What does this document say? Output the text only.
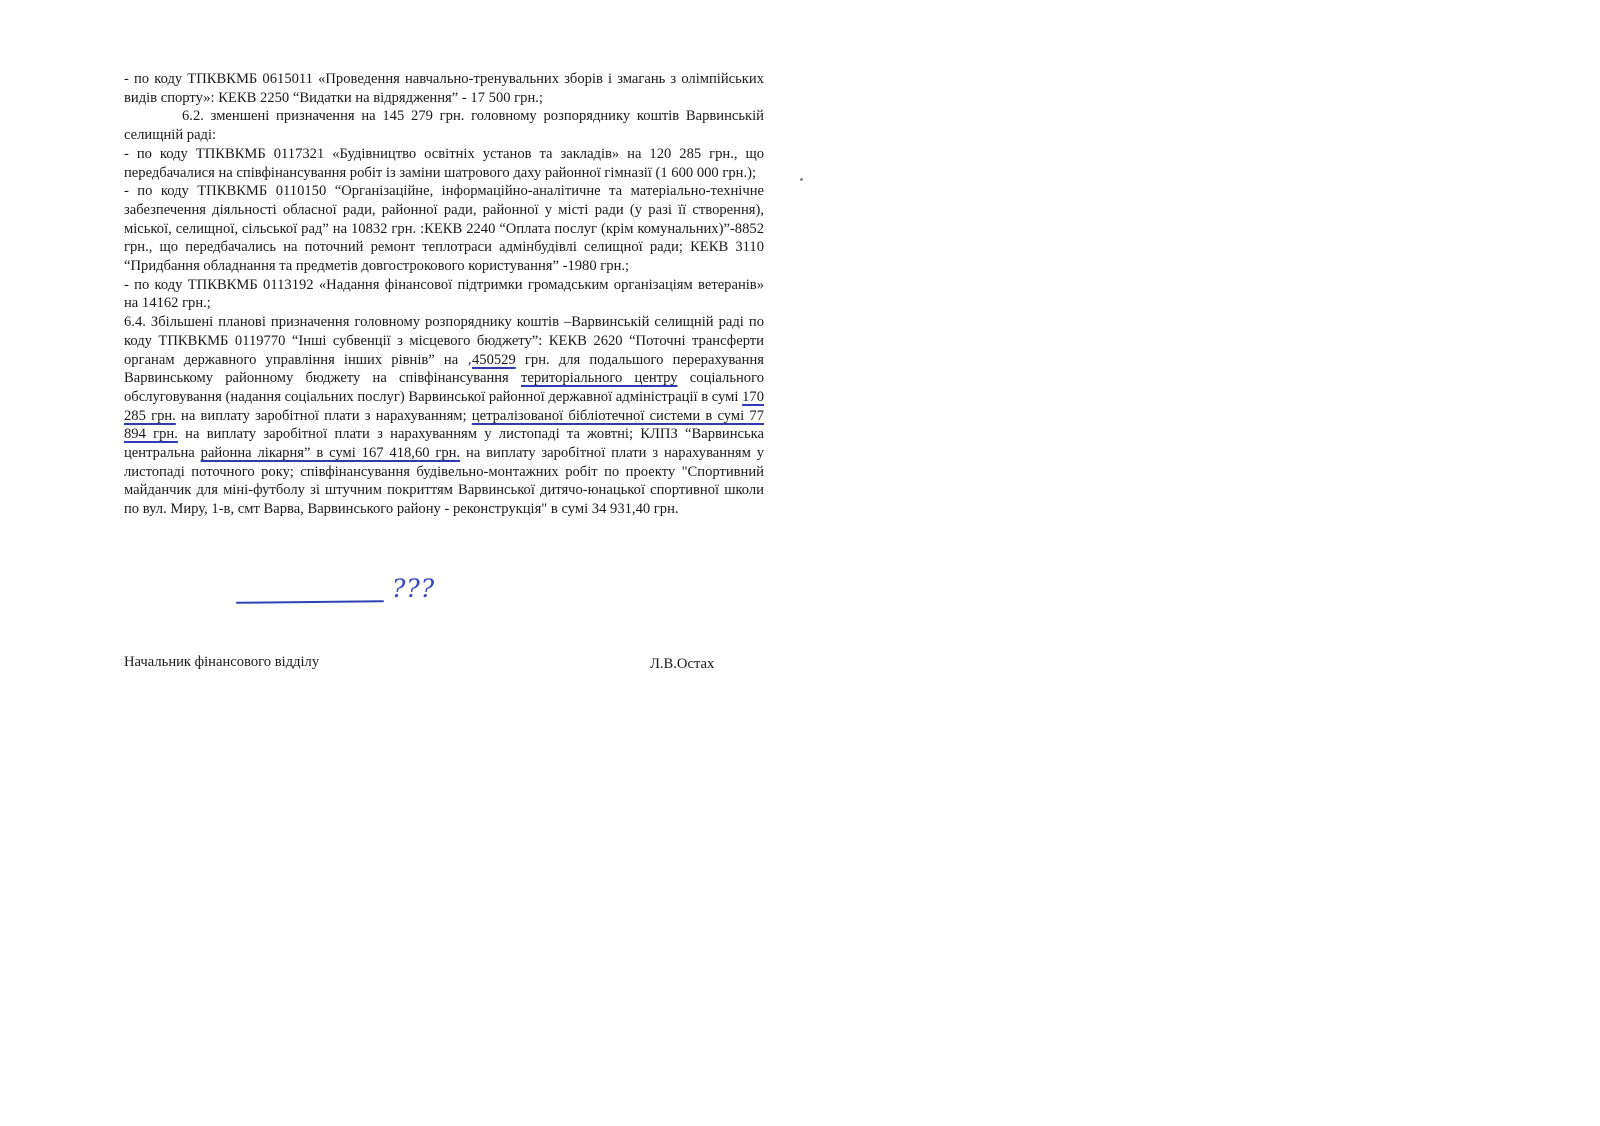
- по коду ТПКВКМБ 0615011 «Проведення навчально-тренувальних зборів і змагань з олімпійських видів спорту»: КЕКВ 2250 “Видатки на відрядження” - 17 500 грн.;

6.2. зменшені призначення на 145 279 грн. головному розпоряднику коштів Варвинській селищній раді:

- по коду ТПКВКМБ 0117321 «Будівництво освітніх установ та закладів» на 120 285 грн., що передбачалися на співфінансування робіт із заміни шатрового даху районної гімназії (1 600 000 грн.);

- по коду ТПКВКМБ 0110150 “Організаційне, інформаційно-аналітичне та матеріально-технічне забезпечення діяльності обласної ради, районної ради, районної у місті ради (у разі її створення), міської, селищної, сільської рад” на 10832 грн. :КЕКВ 2240 “Оплата послуг (крім комунальних)”-8852 грн., що передбачались на поточний ремонт теплотраси адмінбудівлі селищної ради; КЕКВ 3110 “Придбання обладнання та предметів довгострокового користування” -1980 грн.;

- по коду ТПКВКМБ 0113192 «Надання фінансової підтримки громадським організаціям ветеранів» на 14162 грн.;

6.4. Збільшені планові призначення головному розпоряднику коштів –Варвинській селищній раді по коду ТПКВКМБ 0119770 “Інші субвенції з місцевого бюджету”: КЕКВ 2620 “Поточні трансферти органам державного управління інших рівнів” на ,450529 грн. для подальшого перерахування Варвинському районному бюджету на співфінансування територіального центру соціального обслуговування (надання соціальних послуг) Варвинської районної державної адміністрації в сумі 170 285 грн. на виплату заробітної плати з нарахуванням; цетралізованої бібліотечної системи в сумі 77 894 грн. на виплату заробітної плати з нарахуванням у листопаді та жовтні; КЛПЗ “Варвинська центральна районна лікарня” в сумі 167 418,60 грн. на виплату заробітної плати з нарахуванням у листопаді поточного року; співфінансування будівельно-монтажних робіт по проекту "Спортивний майданчик для міні-футболу зі штучним покриттям Варвинської дитячо-юнацької спортивної школи по вул. Миру, 1-в, смт Варва, Варвинського району - реконструкція" в сумі 34 931,40 грн.

???
Начальник фінансового відділу	Л.В.Остах
